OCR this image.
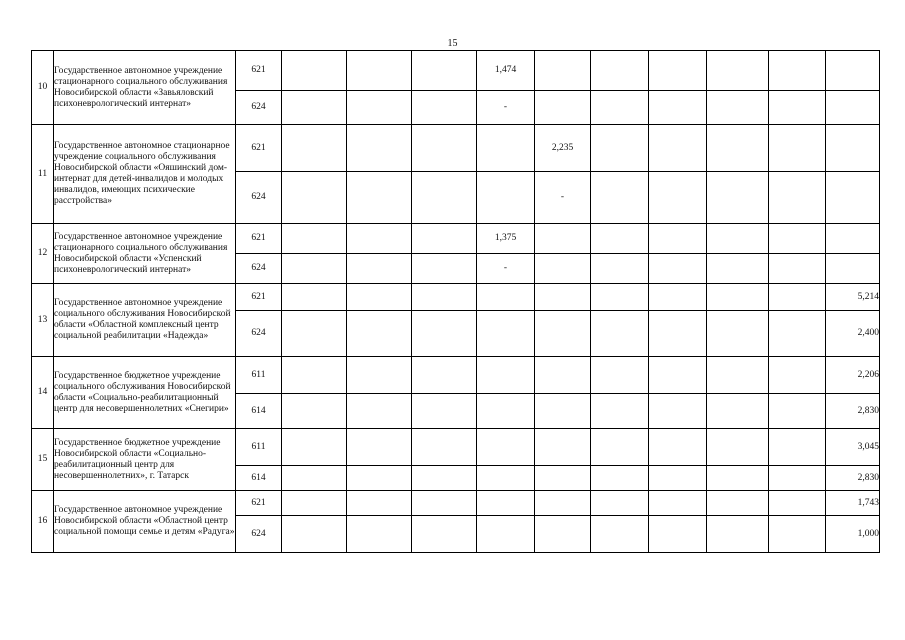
15
10	Государственное автономное учреждение стационарного социального обслуживания Новосибирской области «Завьяловский психоневрологический интернат»	621				1,474						
		624				-						
11	Государственное автономное стационарное учреждение социального обслуживания Новосибирской области «Ояшинский дом-интернат для детей-инвалидов и молодых инвалидов, имеющих психические расстройства»	621					2,235					
		624					-					
12	Государственное автономное учреждение стационарного социального обслуживания Новосибирской области «Успенский психоневрологический интернат»	621				1,375						
		624				-						
13	Государственное автономное учреждение социального обслуживания Новосибирской области «Областной комплексный центр социальной реабилитации «Надежда»	621										5,214
		624										2,400
14	Государственное бюджетное учреждение социального обслуживания Новосибирской области «Социально-реабилитационный центр для несовершеннолетних «Снегири»	611										2,206
		614										2,830
15	Государственное бюджетное учреждение Новосибирской области «Социально-реабилитационный центр для несовершеннолетних», г. Татарск	611										3,045
		614										2,830
16	Государственное автономное учреждение Новосибирской области «Областной центр социальной помощи семье и детям «Радуга»	621										1,743
		624										1,000
